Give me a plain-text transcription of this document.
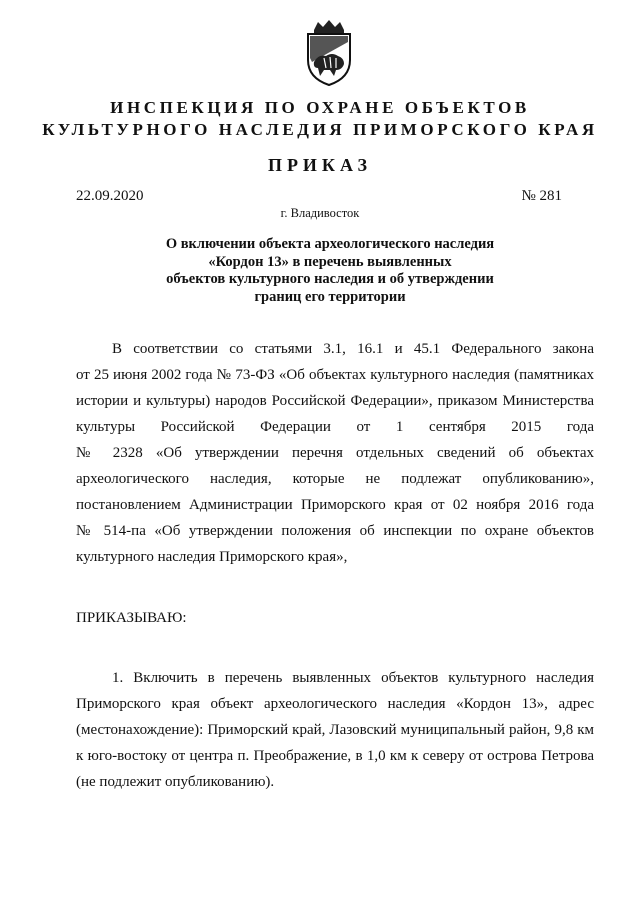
ИНСПЕКЦИЯ ПО ОХРАНЕ ОБЪЕКТОВ
КУЛЬТУРНОГО НАСЛЕДИЯ ПРИМОРСКОГО КРАЯ
ПРИКАЗ
22.09.2020	№ 281
г. Владивосток
О включении объекта археологического наследия
«Кордон 13» в перечень выявленных
объектов культурного наследия и об утверждении
границ его территории
В соответствии со статьями 3.1, 16.1 и 45.1 Федерального закона
от 25 июня 2002 года № 73-ФЗ «Об объектах культурного наследия (памятниках
истории и культуры) народов Российской Федерации», приказом Министерства
культуры Российской Федерации от 1 сентября 2015 года
№ 2328 «Об утверждении перечня отдельных сведений об объектах
археологического наследия, которые не подлежат опубликованию»,
постановлением Администрации Приморского края от 02 ноября 2016 года
№ 514-па «Об утверждении положения об инспекции по охране объектов
культурного наследия Приморского края»,
ПРИКАЗЫВАЮ:
1. Включить в перечень выявленных объектов культурного наследия
Приморского края объект археологического наследия «Кордон 13», адрес
(местонахождение): Приморский край, Лазовский муниципальный район, 9,8 км
к юго-востоку от центра п. Преображение, в 1,0 км к северу от острова Петрова
(не подлежит опубликованию).
